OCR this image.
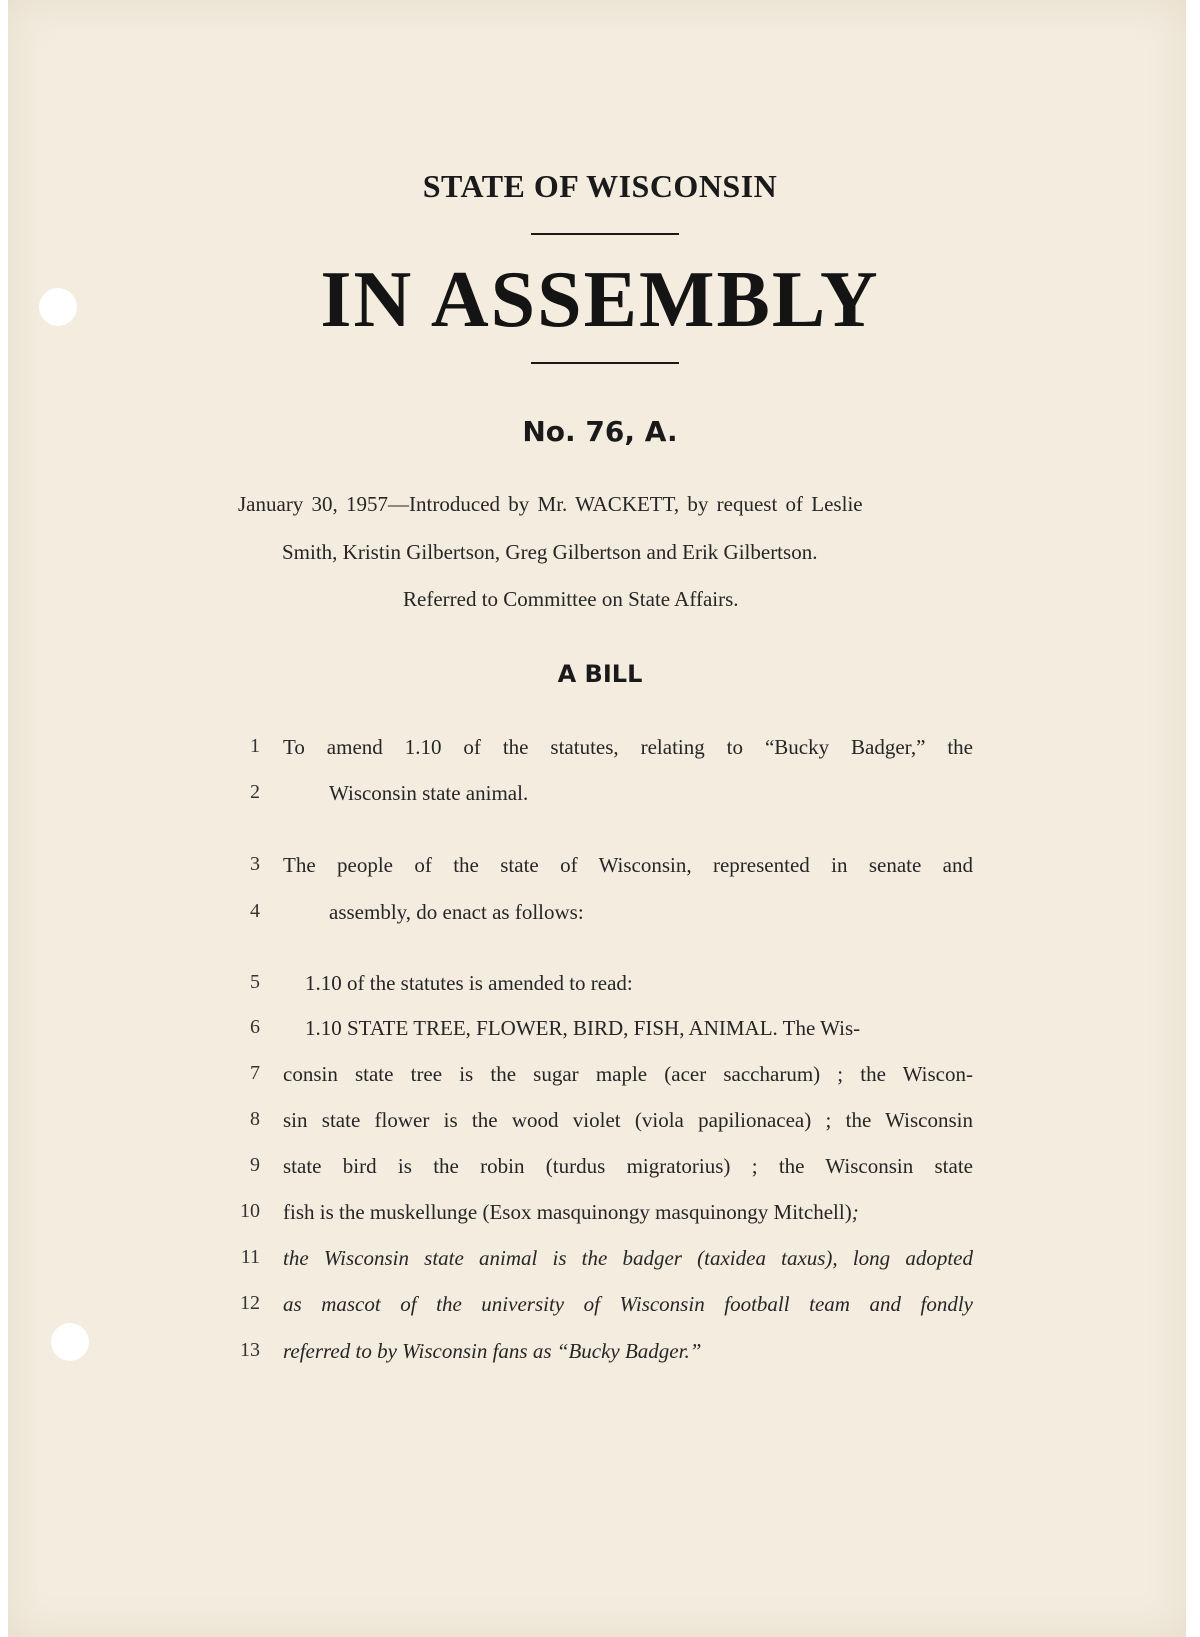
STATE OF WISCONSIN
IN ASSEMBLY
No. 76, A.
January 30, 1957—Introduced by Mr. WACKETT, by request of Leslie
Smith, Kristin Gilbertson, Greg Gilbertson and Erik Gilbertson.
Referred to Committee on State Affairs.
A BILL
1 To amend 1.10 of the statutes, relating to “Bucky Badger,” the
2	Wisconsin state animal.
3 The people of the state of Wisconsin, represented in senate and
4	assembly, do enact as follows:
5 1.10 of the statutes is amended to read:
6 1.10 STATE TREE, FLOWER, BIRD, FISH, ANIMAL. The Wis-
7 consin state tree is the sugar maple (acer saccharum) ; the Wiscon-
8 sin state flower is the wood violet (viola papilionacea) ; the Wisconsin
9 state bird is the robin (turdus migratorius) ; the Wisconsin state
10 fish is the muskellunge (Esox masquinongy masquinongy Mitchell);
11 the Wisconsin state animal is the badger (taxidea taxus), long adopted
12 as mascot of the university of Wisconsin football team and fondly
13 referred to by Wisconsin fans as “Bucky Badger.”
